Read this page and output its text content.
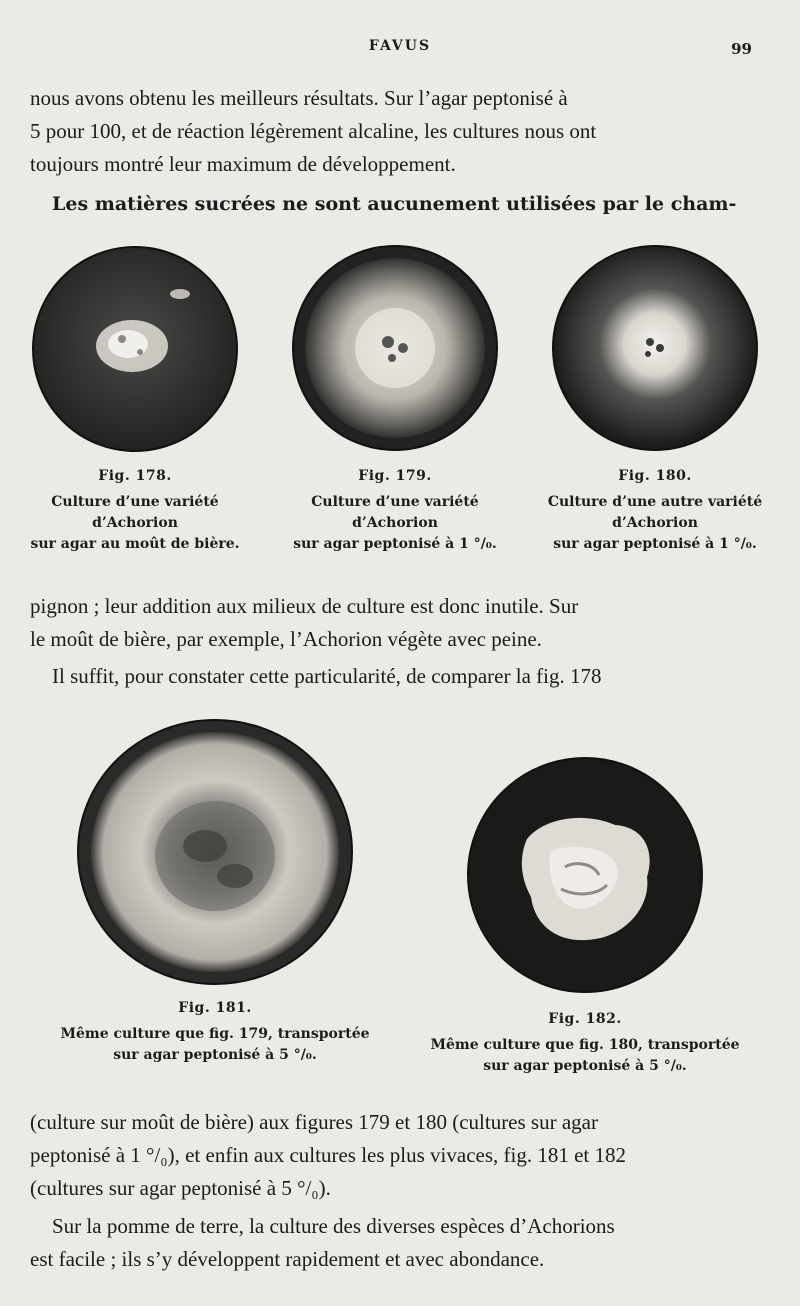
FAVUS	99
nous avons obtenu les meilleurs résultats. Sur l’agar peptonisé à
5 pour 100, et de réaction légèrement alcaline, les cultures nous ont
toujours montré leur maximum de développement.
Les matières sucrées ne sont aucunement utilisées par le cham-
Fig. 178.
Culture d’une variété
d’Achorion
sur agar au moût de bière.
Fig. 179.
Culture d’une variété
d’Achorion
sur agar peptonisé à 1 °/₀.
Fig. 180.
Culture d’une autre variété
d’Achorion
sur agar peptonisé à 1 °/₀.
pignon ; leur addition aux milieux de culture est donc inutile. Sur
le moût de bière, par exemple, l’Achorion végète avec peine.
Il suffit, pour constater cette particularité, de comparer la fig. 178
Fig. 181.
Même culture que fig. 179, transportée
sur agar peptonisé à 5 °/₀.
Fig. 182.
Même culture que fig. 180, transportée
sur agar peptonisé à 5 °/₀.
(culture sur moût de bière) aux figures 179 et 180 (cultures sur agar
peptonisé à 1 °/₀), et enfin aux cultures les plus vivaces, fig. 181 et 182
(cultures sur agar peptonisé à 5 °/₀).
Sur la pomme de terre, la culture des diverses espèces d’Achorions
est facile ; ils s’y développent rapidement et avec abondance.
